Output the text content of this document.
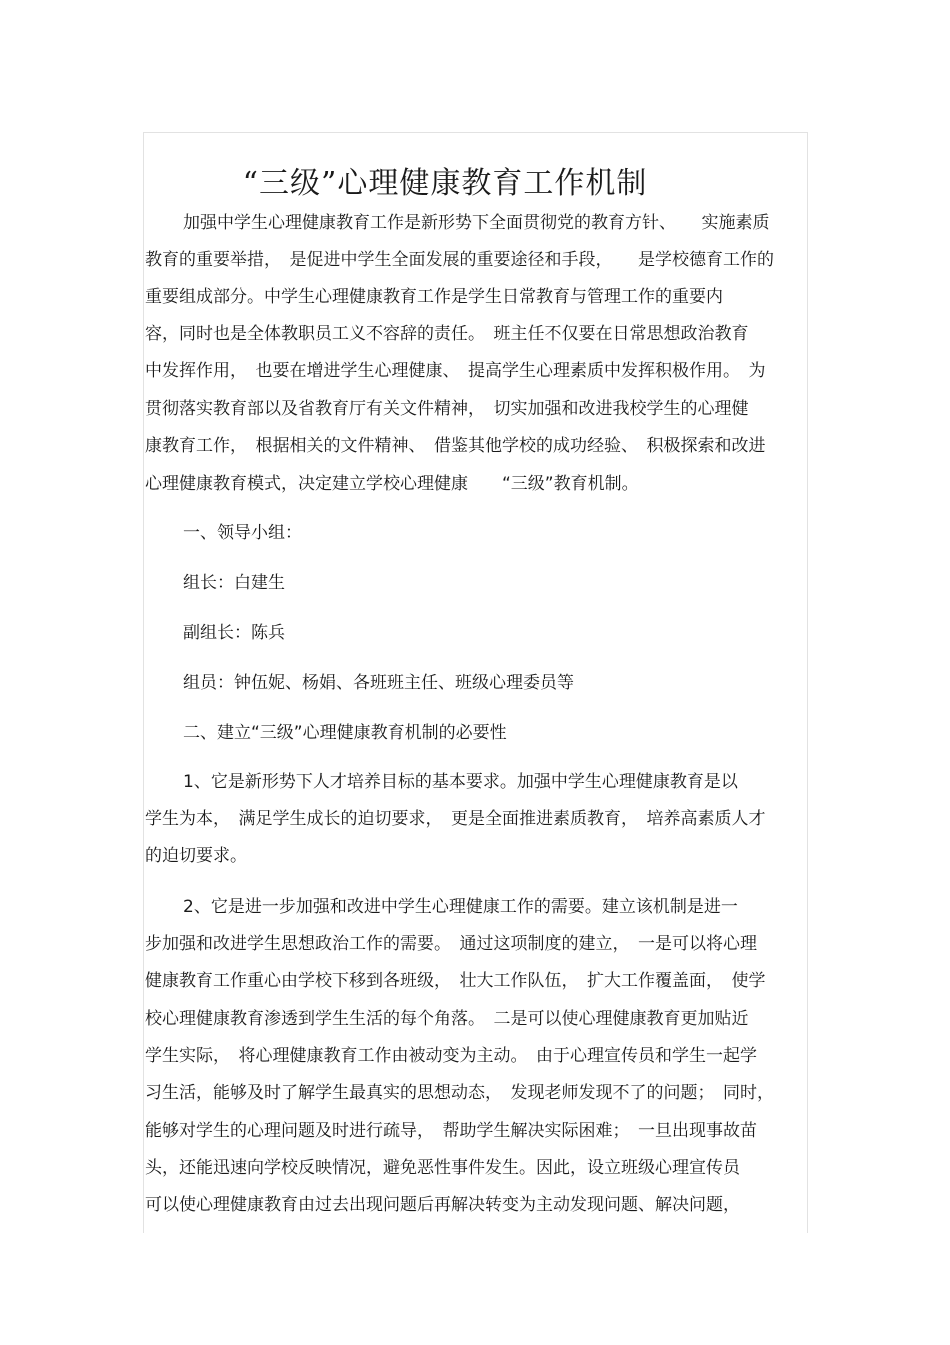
“三级”心理健康教育工作机制
加强中学生心理健康教育工作是新形势下全面贯彻党的教育方针、　　实施素质
教育的重要举措，　是促进中学生全面发展的重要途径和手段，　　是学校德育工作的
重要组成部分。中学生心理健康教育工作是学生日常教育与管理工作的重要内
容，同时也是全体教职员工义不容辞的责任。　班主任不仅要在日常思想政治教育
中发挥作用，　也要在增进学生心理健康、　提高学生心理素质中发挥积极作用。　为
贯彻落实教育部以及省教育厅有关文件精神，　切实加强和改进我校学生的心理健
康教育工作，　根据相关的文件精神、　借鉴其他学校的成功经验、　积极探索和改进
心理健康教育模式，决定建立学校心理健康　　“三级”教育机制。
一、领导小组：
组长：白建生
副组长：陈兵
组员：钟伍妮、杨娟、各班班主任、班级心理委员等
二、建立“三级”心理健康教育机制的必要性
1、它是新形势下人才培养目标的基本要求。加强中学生心理健康教育是以
学生为本，　满足学生成长的迫切要求，　更是全面推进素质教育，　培养高素质人才
的迫切要求。
2、它是进一步加强和改进中学生心理健康工作的需要。建立该机制是进一
步加强和改进学生思想政治工作的需要。　通过这项制度的建立，　一是可以将心理
健康教育工作重心由学校下移到各班级，　壮大工作队伍，　扩大工作覆盖面，　使学
校心理健康教育渗透到学生生活的每个角落。　二是可以使心理健康教育更加贴近
学生实际，　将心理健康教育工作由被动变为主动。　由于心理宣传员和学生一起学
习生活，能够及时了解学生最真实的思想动态，　发现老师发现不了的问题；　同时，
能够对学生的心理问题及时进行疏导，　帮助学生解决实际困难；　一旦出现事故苗
头，还能迅速向学校反映情况，避免恶性事件发生。因此，设立班级心理宣传员
可以使心理健康教育由过去出现问题后再解决转变为主动发现问题、解决问题，
